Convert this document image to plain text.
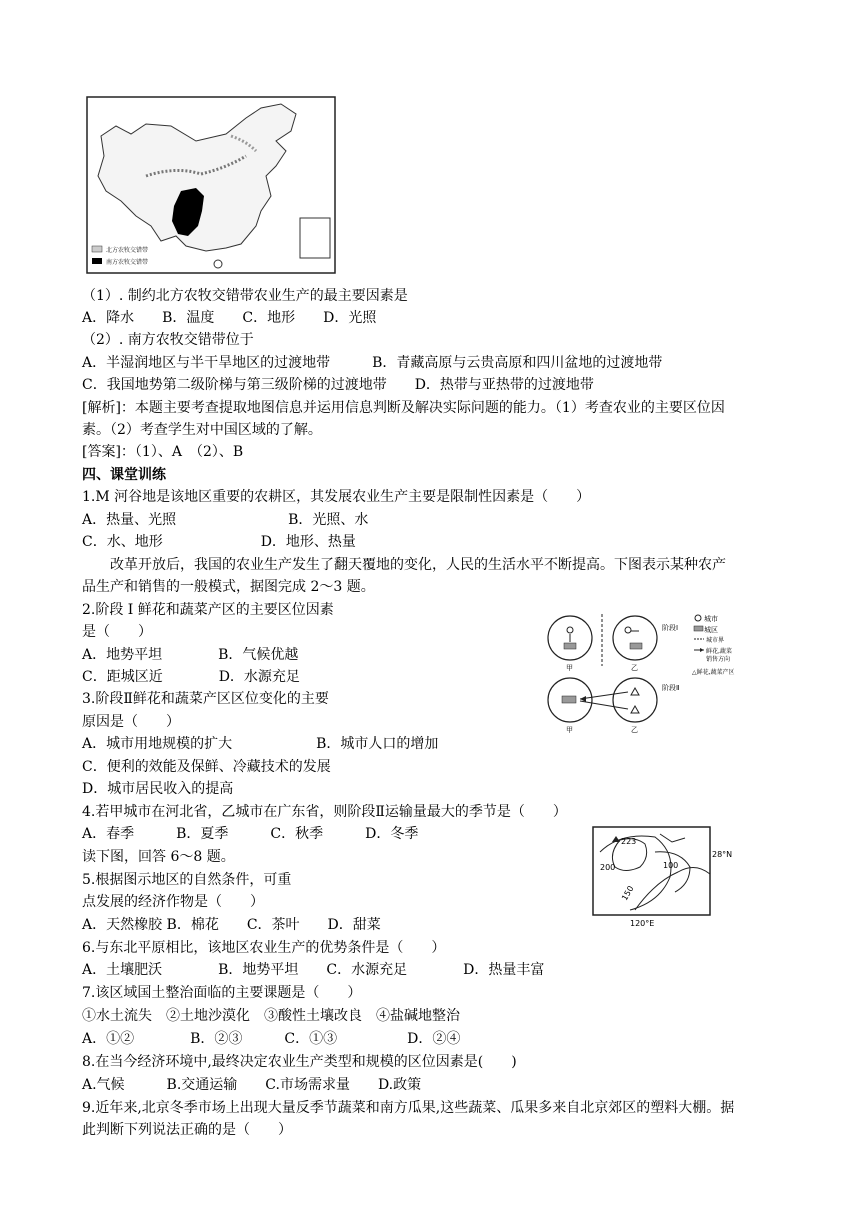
北方农牧交错带
南方农牧交错带
（1）. 制约北方农牧交错带农业生产的最主要因素是
A．降水　　B．温度　　C．地形　　D．光照
（2）. 南方农牧交错带位于
A．半湿润地区与半干旱地区的过渡地带　　　B．青藏高原与云贵高原和四川盆地的过渡地带
C．我国地势第二级阶梯与第三级阶梯的过渡地带　　D．热带与亚热带的过渡地带
[解析]：本题主要考查提取地图信息并运用信息判断及解决实际问题的能力。（1）考查农业的主要区位因
素。（2）考查学生对中国区域的了解。
[答案]：（1）、A　（2）、B
四、课堂训练
1.M 河谷地是该地区重要的农耕区，其发展农业生产主要是限制性因素是（　　）
A．热量、光照　　　　　　　　B．光照、水
C．水、地形　　　　　　　D．地形、热量
改革开放后，我国的农业生产发生了翻天覆地的变化，人民的生活水平不断提高。下图表示某种农产
品生产和销售的一般模式，据图完成 2～3 题。
2.阶段 I 鲜花和蔬菜产区的主要区位因素
是（　　）
A．地势平坦　　　　B．气候优越
C．距城区近　　　　D．水源充足
3.阶段Ⅱ鲜花和蔬菜产区区位变化的主要
原因是（　　）
A．城市用地规模的扩大　　　　　　B．城市人口的增加
C．便利的效能及保鲜、冷藏技术的发展
D．城市居民收入的提高
甲	乙
阶段Ⅰ
甲	乙
阶段Ⅱ
城市
城区
城市界
鲜花,蔬菜
销售方向
△鲜花,蔬菜产区
4.若甲城市在河北省，乙城市在广东省，则阶段Ⅱ运输量最大的季节是（　　）
A．春季　　　B．夏季　　　C．秋季　　　D．冬季
读下图，回答 6～8 题。
223
200	100
150
28°N
120°E
5.根据图示地区的自然条件，可重
点发展的经济作物是（　　）
A．天然橡胶 B．棉花　　C．茶叶　　D．甜菜
6.与东北平原相比，该地区农业生产的优势条件是（　　）
A．土壤肥沃　　　　B．地势平坦　　C．水源充足　　　　D．热量丰富
7.该区域国土整治面临的主要课题是（　　）
①水土流失　②土地沙漠化　③酸性土壤改良　④盐碱地整治
A．①②　　　　B．②③　　　C．①③　　　　　D．②④
8.在当今经济环境中,最终决定农业生产类型和规模的区位因素是(　　)
A.气候　　　B.交通运输　　C.市场需求量　　D.政策
9.近年来,北京冬季市场上出现大量反季节蔬菜和南方瓜果,这些蔬菜、瓜果多来自北京郊区的塑料大棚。据
此判断下列说法正确的是（　　）
